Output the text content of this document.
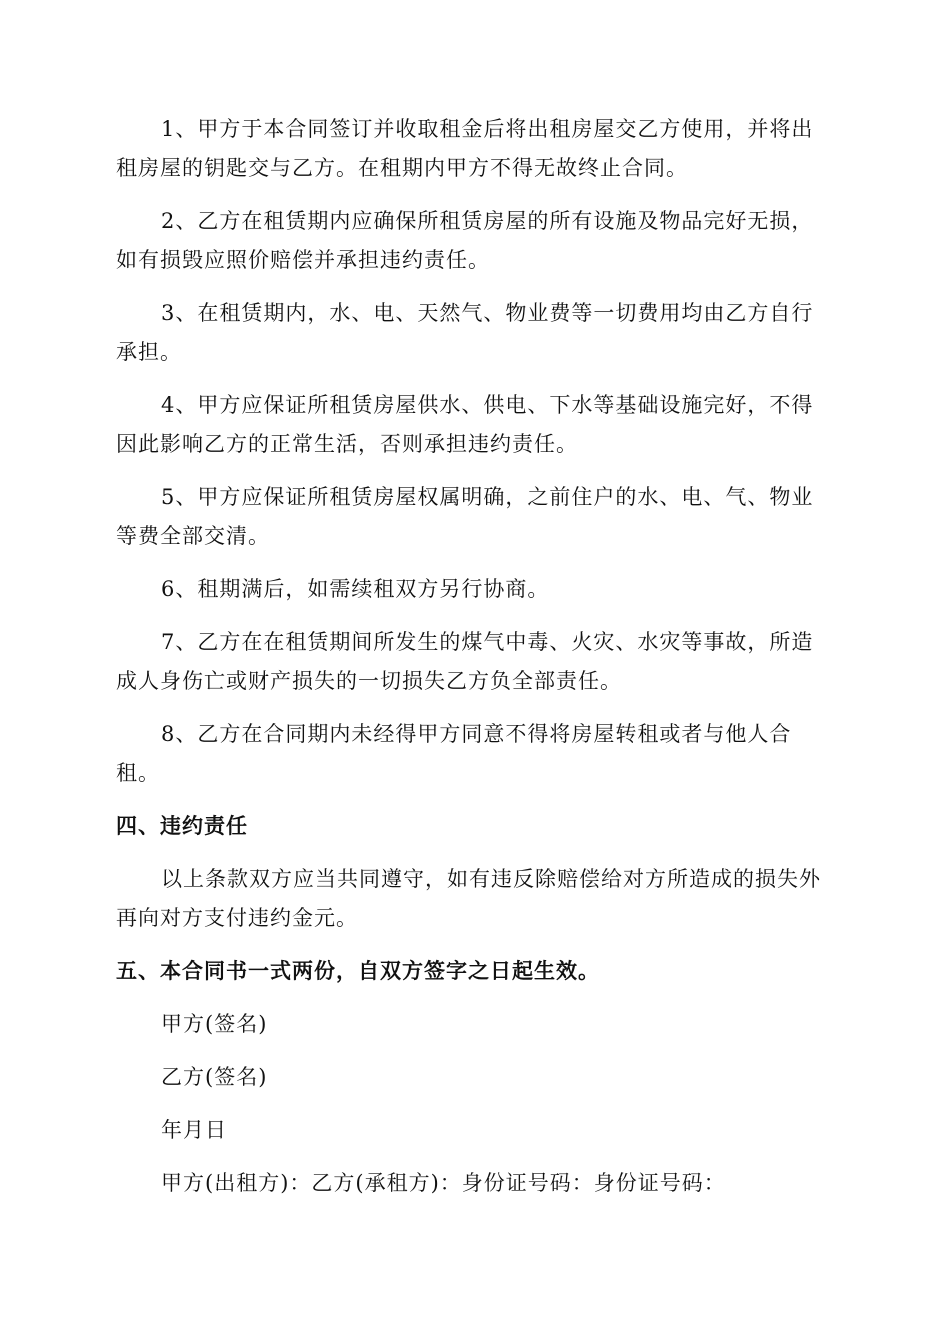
1、甲方于本合同签订并收取租金后将出租房屋交乙方使用，并将出租房屋的钥匙交与乙方。在租期内甲方不得无故终止合同。

2、乙方在租赁期内应确保所租赁房屋的所有设施及物品完好无损，如有损毁应照价赔偿并承担违约责任。

3、在租赁期内，水、电、天然气、物业费等一切费用均由乙方自行承担。

4、甲方应保证所租赁房屋供水、供电、下水等基础设施完好，不得因此影响乙方的正常生活，否则承担违约责任。

5、甲方应保证所租赁房屋权属明确，之前住户的水、电、气、物业等费全部交清。

6、租期满后，如需续租双方另行协商。

7、乙方在在租赁期间所发生的煤气中毒、火灾、水灾等事故，所造成人身伤亡或财产损失的一切损失乙方负全部责任。

8、乙方在合同期内未经得甲方同意不得将房屋转租或者与他人合租。

四、违约责任

以上条款双方应当共同遵守，如有违反除赔偿给对方所造成的损失外再向对方支付违约金元。

五、本合同书一式两份，自双方签字之日起生效。

甲方(签名)

乙方(签名)

年月日

甲方(出租方)：乙方(承租方)：身份证号码：身份证号码：
